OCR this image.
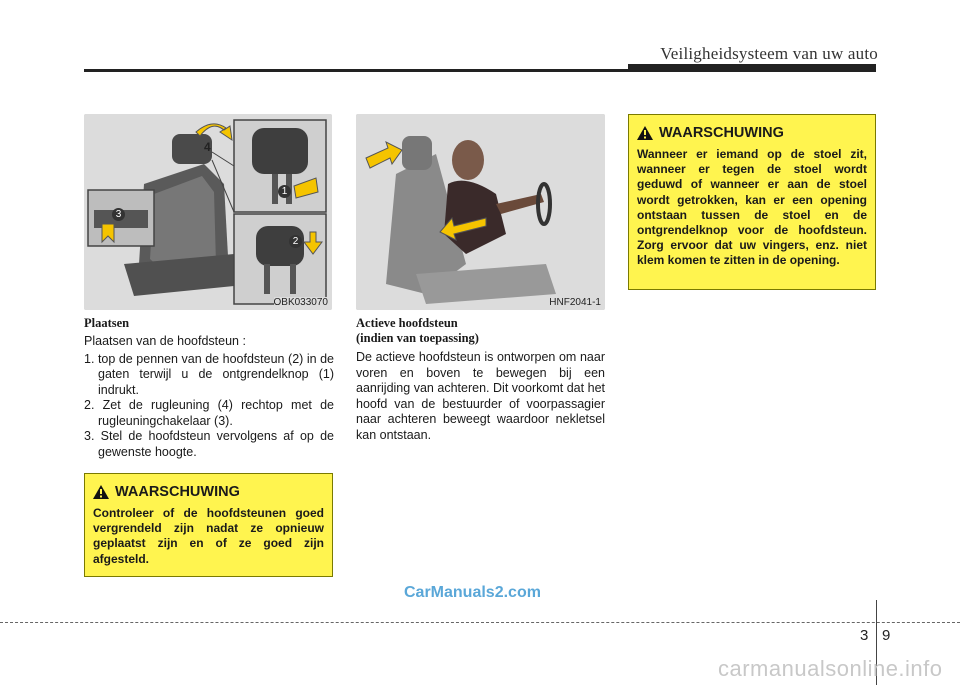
Veiligheidsysteem van uw auto
1
2
3
4
OBK033070	HNF2041-1
Plaatsen
Plaatsen van de hoofdsteun :
1. top de pennen van de hoofdsteun (2) in de gaten terwijl u de ontgrendelknop (1) indrukt.
2. Zet de rugleuning (4) rechtop met de rugleuningchakelaar (3).
3. Stel de hoofdsteun vervolgens af op de gewenste hoogte.
WAARSCHUWING
Controleer of de hoofdsteunen goed vergrendeld zijn nadat ze opnieuw geplaatst zijn en of ze goed zijn afgesteld.
Actieve hoofdsteun
(indien van toepassing)
De actieve hoofdsteun is ontworpen om naar voren en boven te bewegen bij een aanrijding van achteren. Dit voorkomt dat het hoofd van de bestuurder of voorpassagier naar achteren beweegt waardoor nekletsel kan ontstaan.
WAARSCHUWING
Wanneer er iemand op de stoel zit, wanneer er tegen de stoel wordt geduwd of wanneer er aan de stoel wordt getrokken, kan er een opening ontstaan tussen de stoel en de ontgrendelknop voor de hoofdsteun. Zorg ervoor dat uw vingers, enz. niet klem komen te zitten in de opening.
CarManuals2.com
3 9
carmanualsonline.info
